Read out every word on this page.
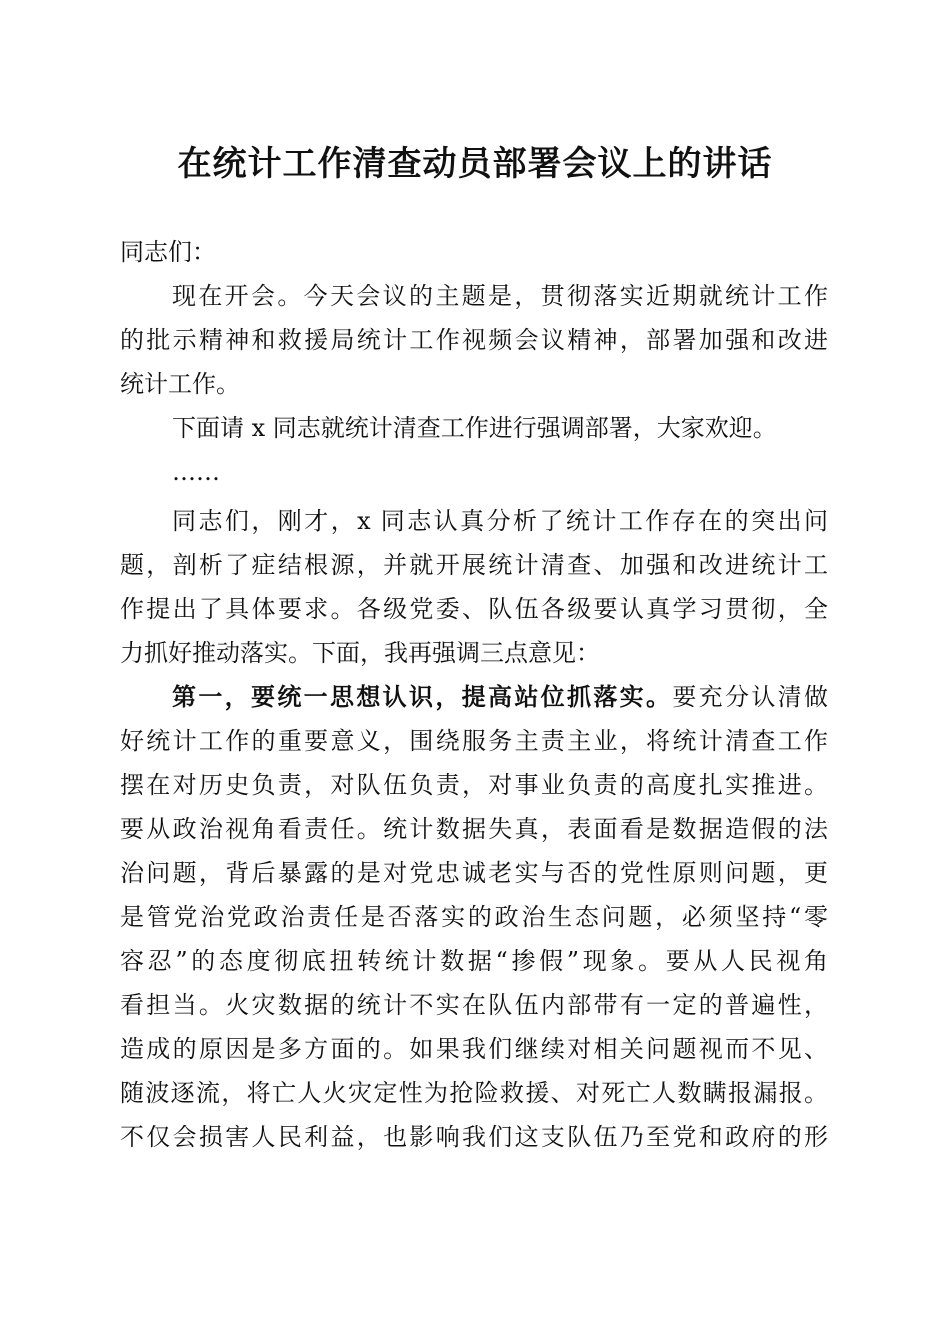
在统计工作清查动员部署会议上的讲话
同志们：
现在开会。今天会议的主题是，贯彻落实近期就统计工作
的批示精神和救援局统计工作视频会议精神，部署加强和改进
统计工作。
下面请 x 同志就统计清查工作进行强调部署，大家欢迎。
……
同志们，刚才，x 同志认真分析了统计工作存在的突出问
题，剖析了症结根源，并就开展统计清查、加强和改进统计工
作提出了具体要求。各级党委、队伍各级要认真学习贯彻，全
力抓好推动落实。下面，我再强调三点意见：
第一，要统一思想认识，提高站位抓落实。要充分认清做
好统计工作的重要意义，围绕服务主责主业，将统计清查工作
摆在对历史负责，对队伍负责，对事业负责的高度扎实推进。
要从政治视角看责任。统计数据失真，表面看是数据造假的法
治问题，背后暴露的是对党忠诚老实与否的党性原则问题，更
是管党治党政治责任是否落实的政治生态问题，必须坚持“零
容忍”的态度彻底扭转统计数据“掺假”现象。要从人民视角
看担当。火灾数据的统计不实在队伍内部带有一定的普遍性，
造成的原因是多方面的。如果我们继续对相关问题视而不见、
随波逐流，将亡人火灾定性为抢险救援、对死亡人数瞒报漏报。
不仅会损害人民利益，也影响我们这支队伍乃至党和政府的形
